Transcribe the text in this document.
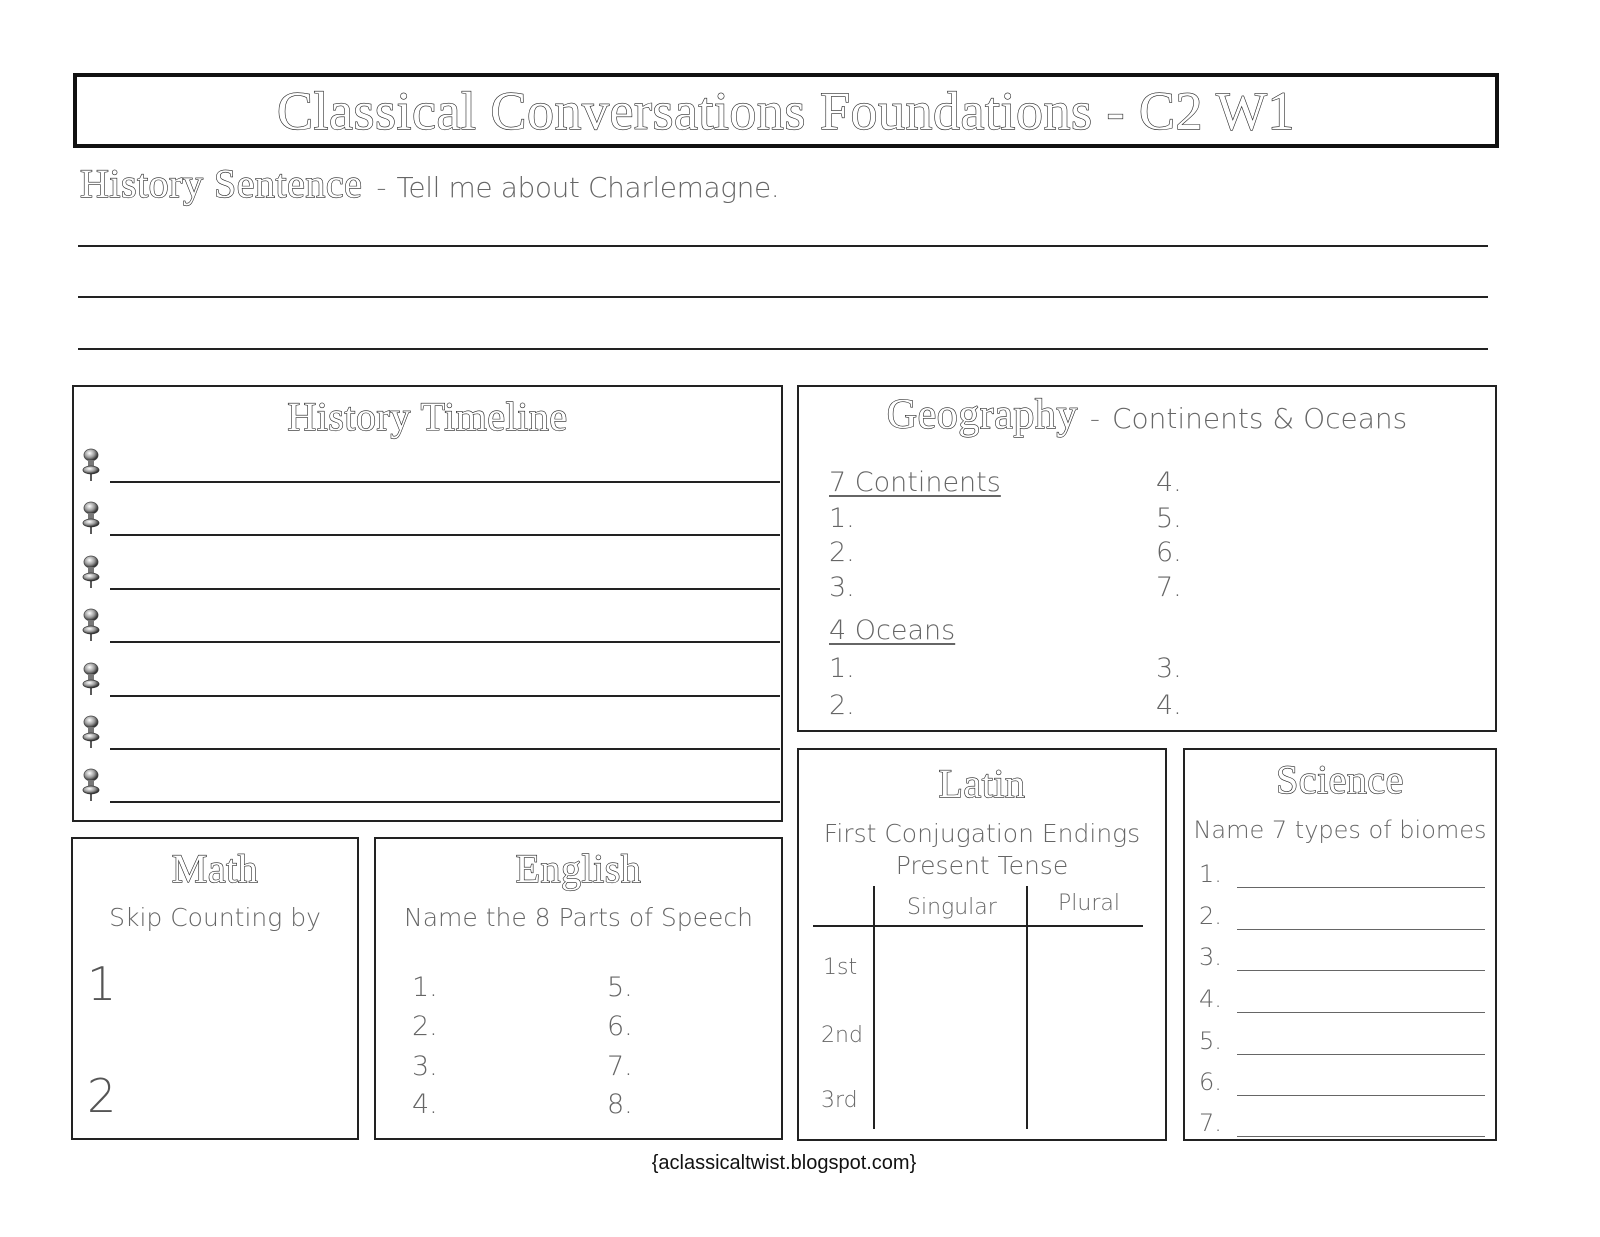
Classical Conversations Foundations - C2 W1
History Sentence - Tell me about Charlemagne.
History Timeline	Geography - Continents & Oceans
7 Continents
1.
2.
3.
4.
5.
6.
7.
4 Oceans
1.
2.
3.
4.
Latin
First Conjugation Endings
Present Tense
Singular	Plural
1st
2nd
3rd
Science
Name 7 types of biomes
1.
2.
3.
4.
5.
6.
7.
Math
Skip Counting by
1
2
English
Name the 8 Parts of Speech
1.
2.
3.
4.
5.
6.
7.
8.
{aclassicaltwist.blogspot.com}
